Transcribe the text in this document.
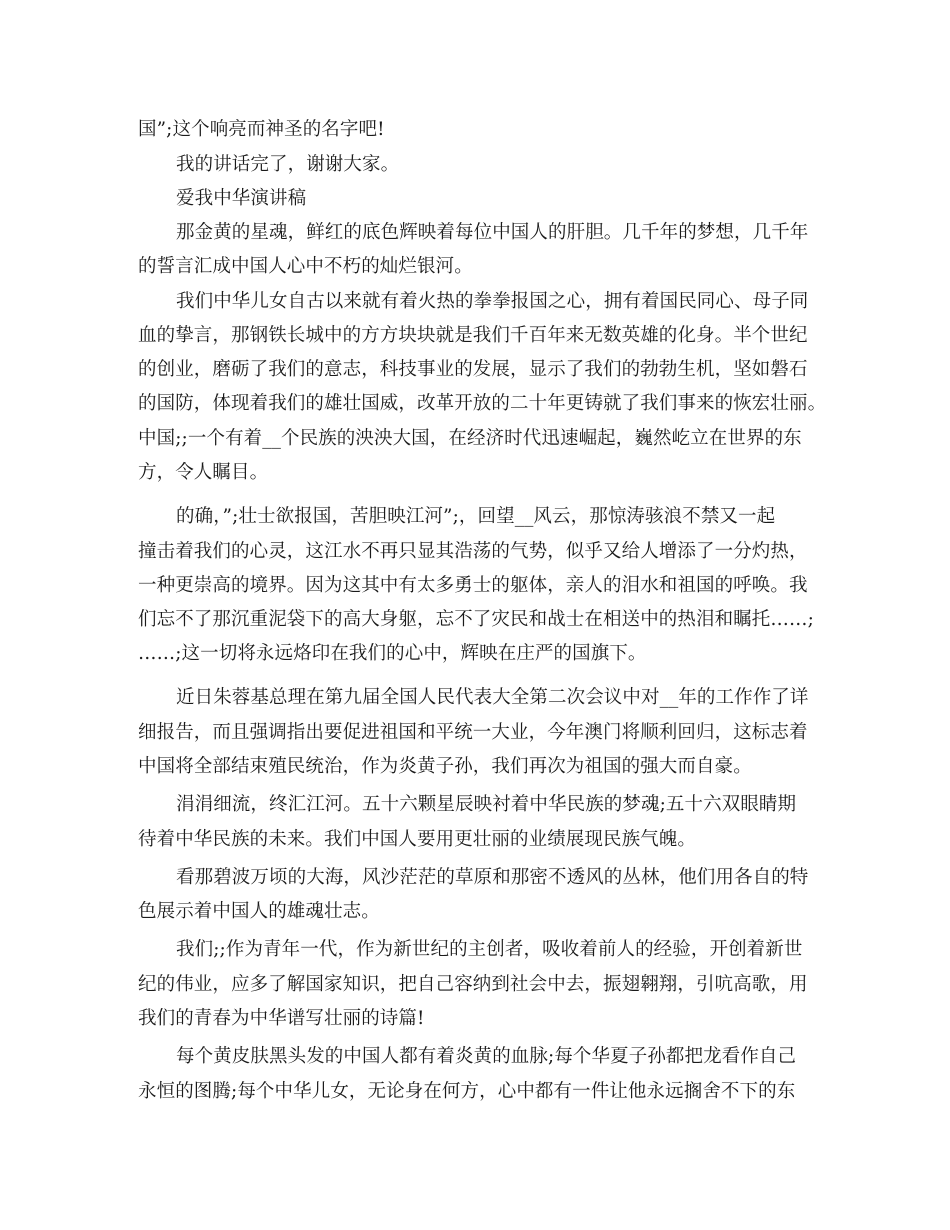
国”;这个响亮而神圣的名字吧!
我的讲话完了，谢谢大家。
爱我中华演讲稿
那金黄的星魂，鲜红的底色辉映着每位中国人的肝胆。几千年的梦想，几千年
的誓言汇成中国人心中不朽的灿烂银河。
我们中华儿女自古以来就有着火热的拳拳报国之心，拥有着国民同心、母子同
血的挚言，那钢铁长城中的方方块块就是我们千百年来无数英雄的化身。半个世纪
的创业，磨砺了我们的意志，科技事业的发展，显示了我们的勃勃生机，坚如磐石
的国防，体现着我们的雄壮国威，改革开放的二十年更铸就了我们事来的恢宏壮丽。
中国;;一个有着__个民族的泱泱大国，在经济时代迅速崛起，巍然屹立在世界的东
方，令人瞩目。
的确，”;壮士欲报国，苦胆映江河”;，回望__风云，那惊涛骇浪不禁又一起
撞击着我们的心灵，这江水不再只显其浩荡的气势，似乎又给人增添了一分灼热，
一种更崇高的境界。因为这其中有太多勇士的躯体，亲人的泪水和祖国的呼唤。我
们忘不了那沉重泥袋下的高大身躯，忘不了灾民和战士在相送中的热泪和瞩托……;
……;这一切将永远烙印在我们的心中，辉映在庄严的国旗下。
近日朱蓉基总理在第九届全国人民代表大全第二次会议中对__年的工作作了详
细报告，而且强调指出要促进祖国和平统一大业，今年澳门将顺利回归，这标志着
中国将全部结束殖民统治，作为炎黄子孙，我们再次为祖国的强大而自豪。
涓涓细流，终汇江河。五十六颗星辰映衬着中华民族的梦魂;五十六双眼睛期
待着中华民族的未来。我们中国人要用更壮丽的业绩展现民族气魄。
看那碧波万顷的大海，风沙茫茫的草原和那密不透风的丛林，他们用各自的特
色展示着中国人的雄魂壮志。
我们;;作为青年一代，作为新世纪的主创者，吸收着前人的经验，开创着新世
纪的伟业，应多了解国家知识，把自己容纳到社会中去，振翅翱翔，引吭高歌，用
我们的青春为中华谱写壮丽的诗篇!
每个黄皮肤黑头发的中国人都有着炎黄的血脉;每个华夏子孙都把龙看作自己
永恒的图腾;每个中华儿女，无论身在何方，心中都有一件让他永远搁舍不下的东
